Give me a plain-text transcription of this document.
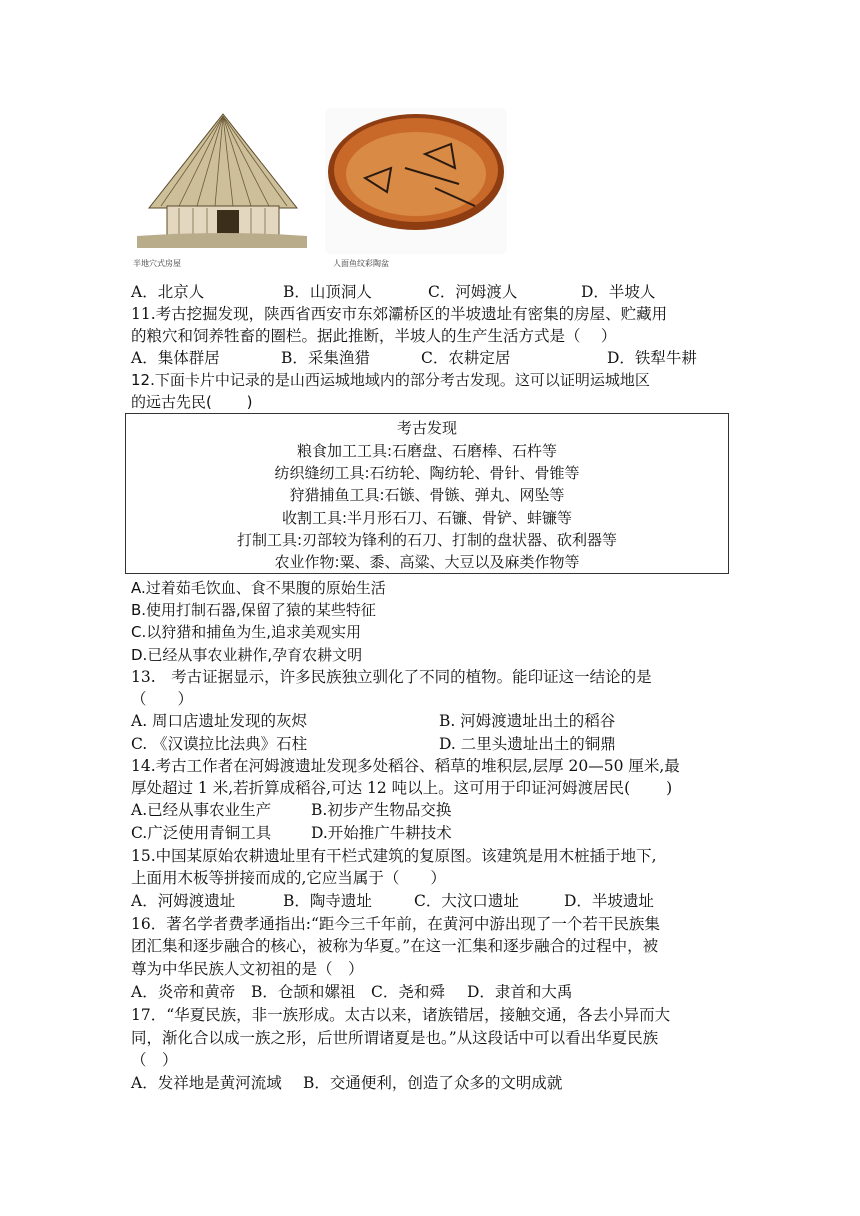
半地穴式房屋	人面鱼纹彩陶盆
A．北京人	B．山顶洞人	C．河姆渡人	D．半坡人
11.考古挖掘发现，陕西省西安市东郊灞桥区的半坡遗址有密集的房屋、贮藏用
的粮穴和饲养牲畜的圈栏。据此推断，半坡人的生产生活方式是（　 ）
A．集体群居	B．采集渔猎	C．农耕定居	D．铁犁牛耕
12.下面卡片中记录的是山西运城地域内的部分考古发现。这可以证明运城地区
的远古先民(　 　)
考古发现
粮食加工工具:石磨盘、石磨棒、石杵等
纺织缝纫工具:石纺轮、陶纺轮、骨针、骨锥等
狩猎捕鱼工具:石镞、骨镞、弹丸、网坠等
收割工具:半月形石刀、石镰、骨铲、蚌镰等
打制工具:刃部较为锋利的石刀、打制的盘状器、砍利器等
农业作物:粟、黍、高粱、大豆以及麻类作物等
A.过着茹毛饮血、食不果腹的原始生活
B.使用打制石器,保留了猿的某些特征
C.以狩猎和捕鱼为生,追求美观实用
D.已经从事农业耕作,孕育农耕文明
13.　考古证据显示，许多民族独立驯化了不同的植物。能印证这一结论的是
（　　）
A. 周口店遗址发现的灰烬	B. 河姆渡遗址出土的稻谷
C. 《汉谟拉比法典》石柱	D. 二里头遗址出土的铜鼎
14.考古工作者在河姆渡遗址发现多处稻谷、稻草的堆积层,层厚 20—50 厘米,最
厚处超过 1 米,若折算成稻谷,可达 12 吨以上。这可用于印证河姆渡居民(　 　)
A.已经从事农业生产	B.初步产生物品交换
C.广泛使用青铜工具	D.开始推广牛耕技术
15.中国某原始农耕遗址里有干栏式建筑的复原图。该建筑是用木桩插于地下,
上面用木板等拼接而成的,它应当属于（　　）
A．河姆渡遗址	B．陶寺遗址	C．大汶口遗址	D．半坡遗址
16．著名学者费孝通指出:“距今三千年前，在黄河中游出现了一个若干民族集
团汇集和逐步融合的核心，被称为华夏。”在这一汇集和逐步融合的过程中，被
尊为中华民族人文初祖的是（　）
A．炎帝和黄帝 B．仓颉和嫘祖 C．尧和舜 D．隶首和大禹
17．“华夏民族，非一族形成。太古以来，诸族错居，接触交通，各去小异而大
同，渐化合以成一族之形，后世所谓诸夏是也。”从这段话中可以看出华夏民族
（　）
A．发祥地是黄河流域 B．交通便利，创造了众多的文明成就
